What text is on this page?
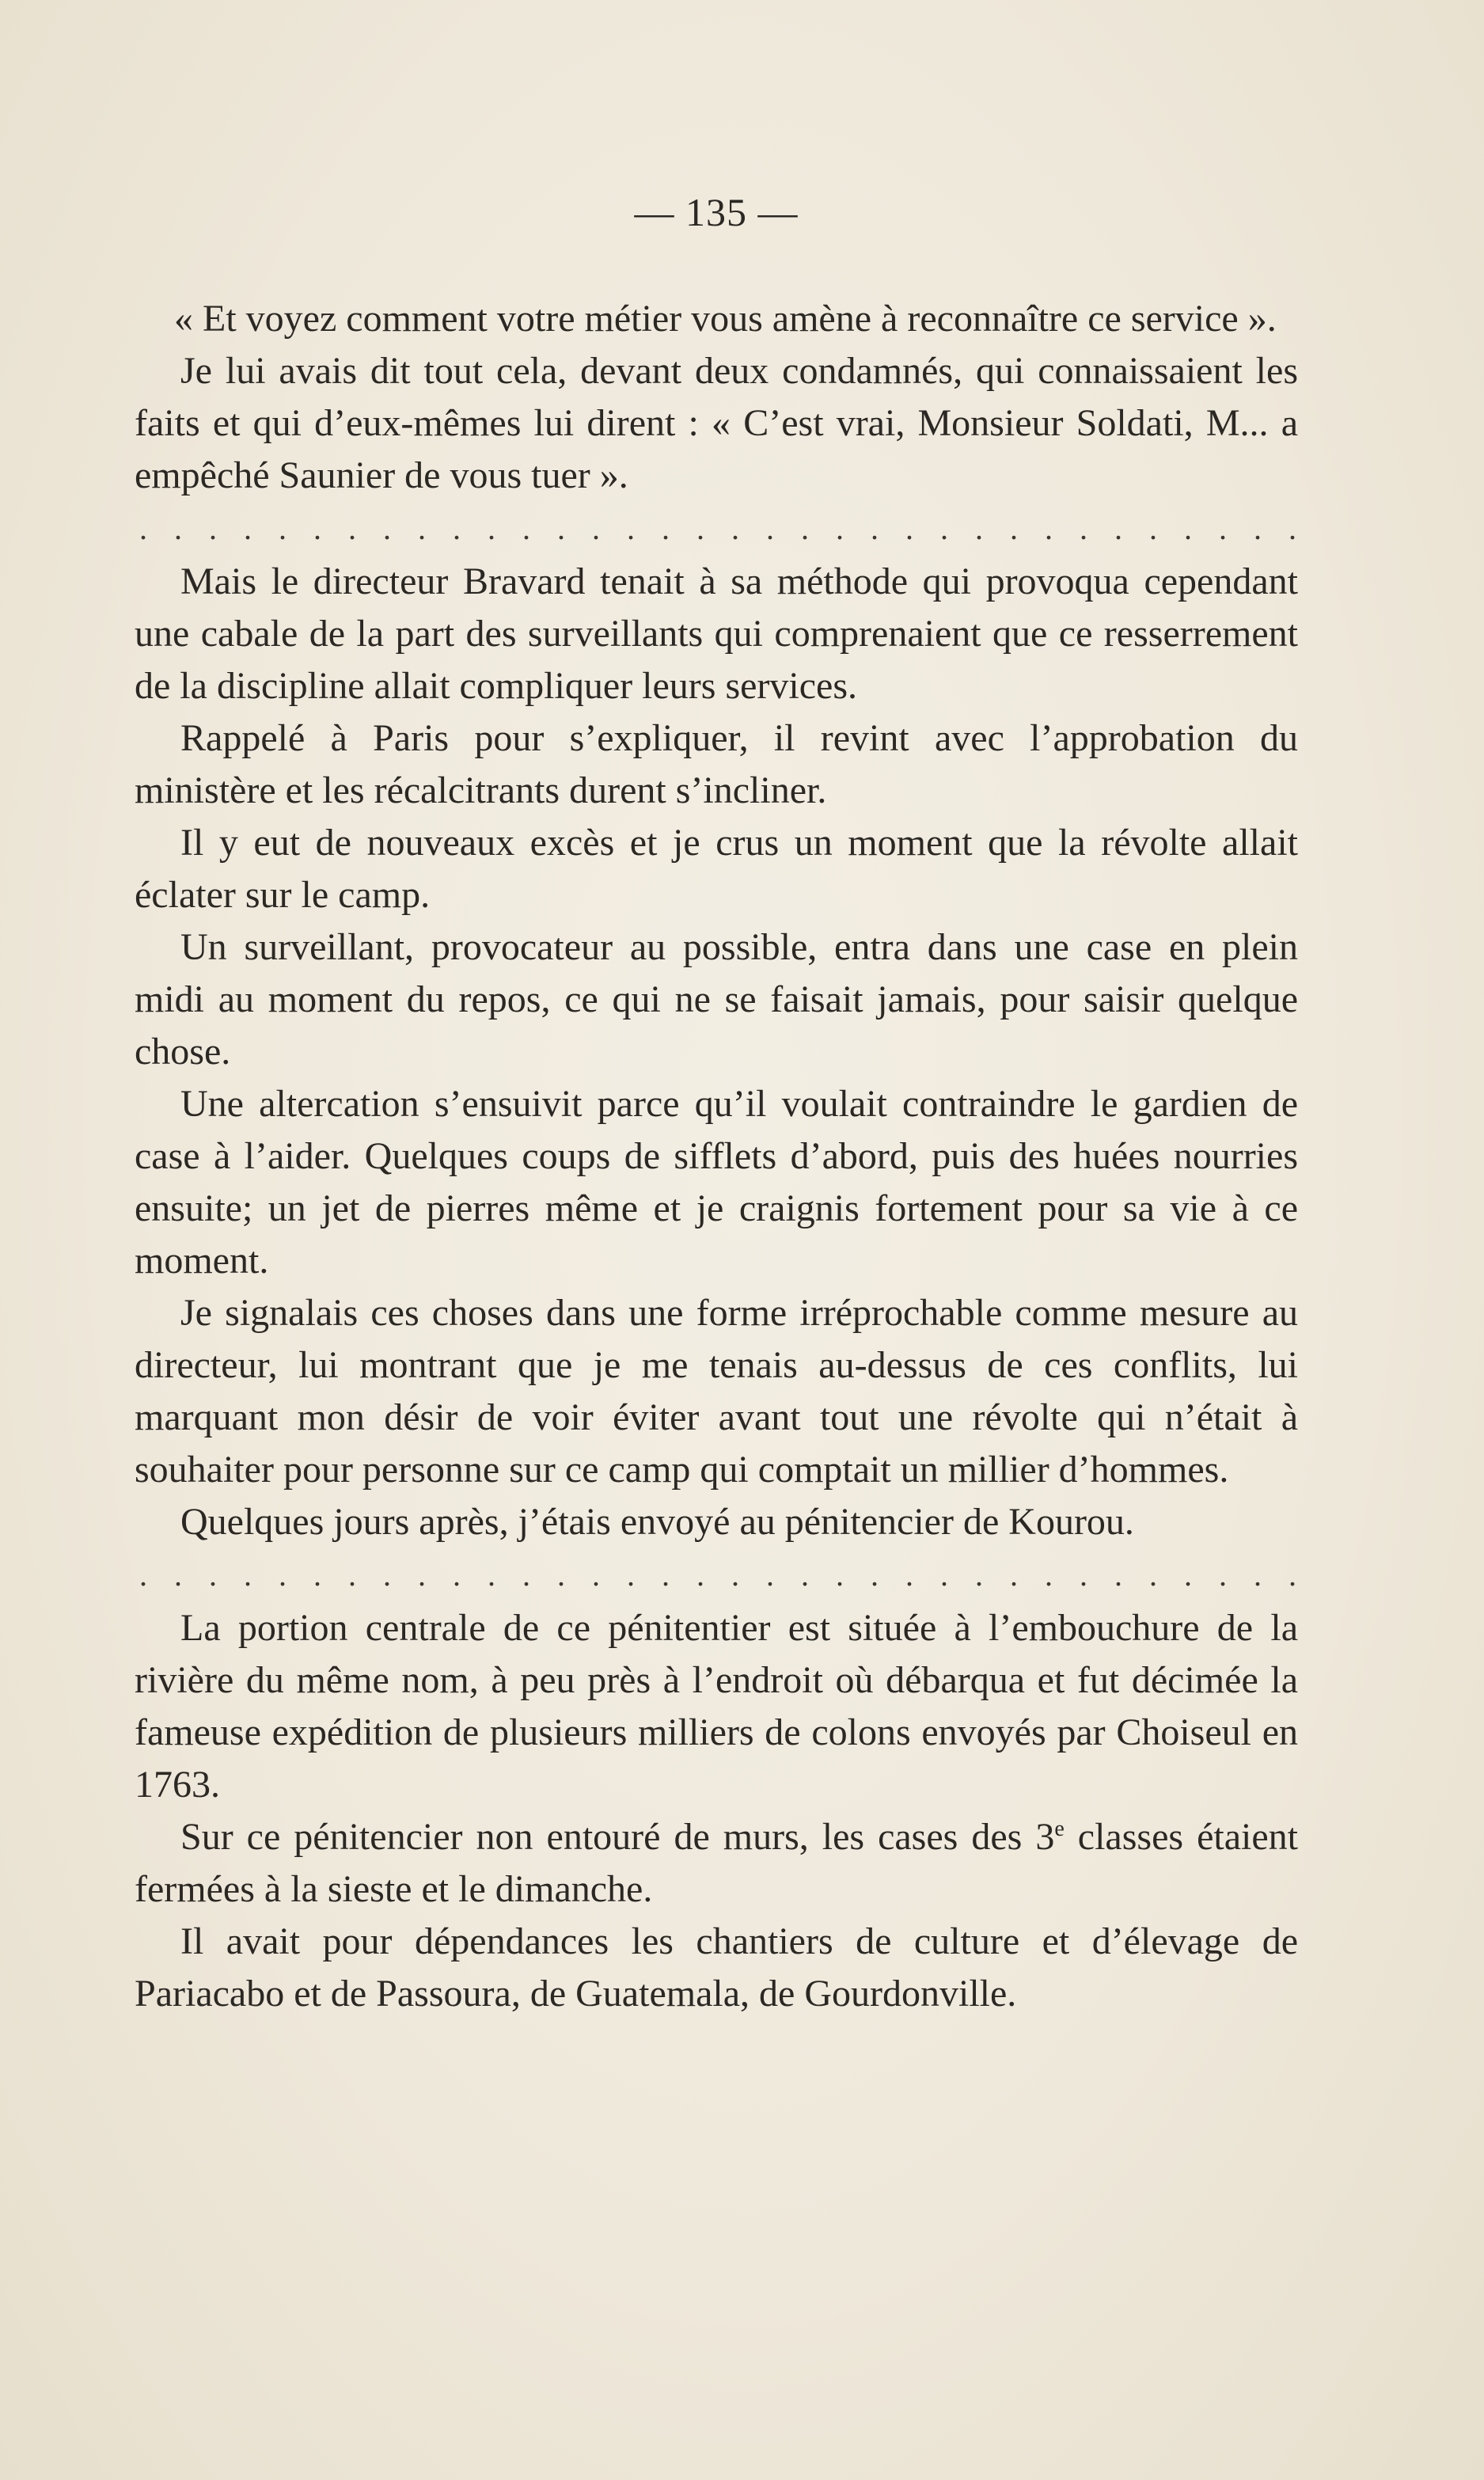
— 135 —

« Et voyez comment votre métier vous amène à reconnaître ce service ».

Je lui avais dit tout cela, devant deux condamnés, qui connaissaient les faits et qui d’eux-mêmes lui dirent : « C’est vrai, Monsieur Soldati, M... a empêché Saunier de vous tuer ».

. . . . . . . . . . . . . . . . . . . . . . . . . . . . . . . . . .

Mais le directeur Bravard tenait à sa méthode qui provoqua cependant une cabale de la part des surveillants qui comprenaient que ce resserrement de la discipline allait compliquer leurs services.

Rappelé à Paris pour s’expliquer, il revint avec l’approbation du ministère et les récalcitrants durent s’incliner.

Il y eut de nouveaux excès et je crus un moment que la révolte allait éclater sur le camp.

Un surveillant, provocateur au possible, entra dans une case en plein midi au moment du repos, ce qui ne se faisait jamais, pour saisir quelque chose.

Une altercation s’ensuivit parce qu’il voulait contraindre le gardien de case à l’aider. Quelques coups de sifflets d’abord, puis des huées nourries ensuite; un jet de pierres même et je craignis fortement pour sa vie à ce moment.

Je signalais ces choses dans une forme irréprochable comme mesure au directeur, lui montrant que je me tenais au-dessus de ces conflits, lui marquant mon désir de voir éviter avant tout une révolte qui n’était à souhaiter pour personne sur ce camp qui comptait un millier d’hommes.

Quelques jours après, j’étais envoyé au pénitencier de Kourou.

. . . . . . . . . . . . . . . . . . . . . . . . . . . . . . . . . .

La portion centrale de ce pénitentier est située à l’embouchure de la rivière du même nom, à peu près à l’endroit où débarqua et fut décimée la fameuse expédition de plusieurs milliers de colons envoyés par Choiseul en 1763.

Sur ce pénitencier non entouré de murs, les cases des 3e classes étaient fermées à la sieste et le dimanche.

Il avait pour dépendances les chantiers de culture et d’élevage de Pariacabo et de Passoura, de Guatemala, de Gourdonville.
